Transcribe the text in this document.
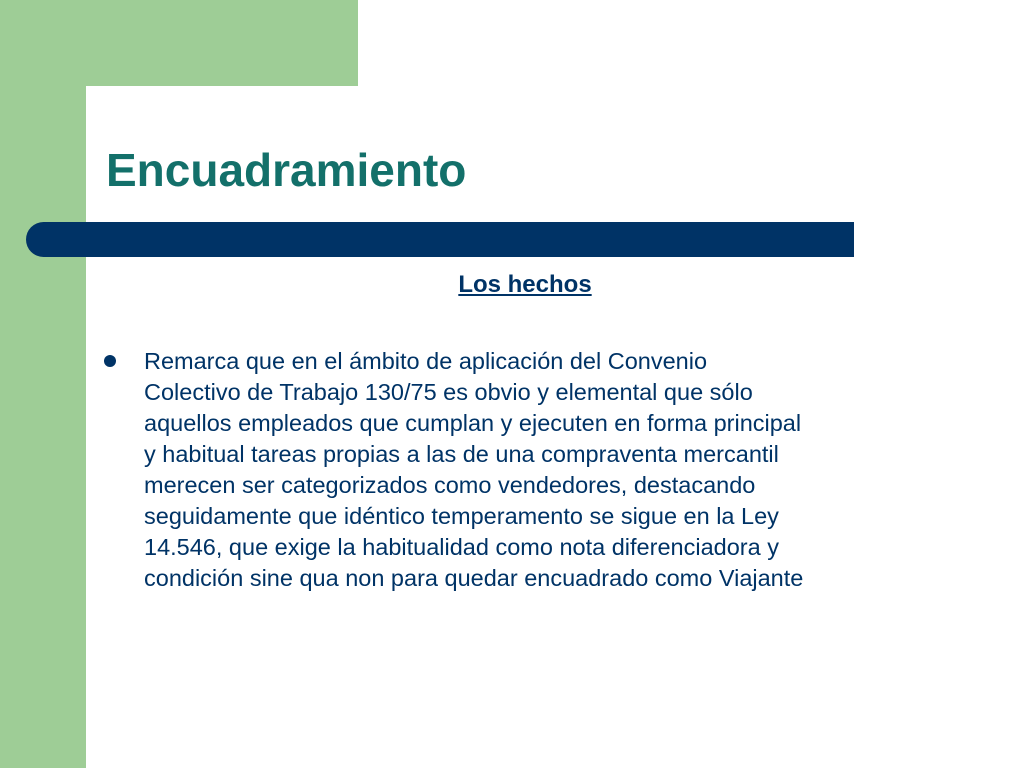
Encuadramiento
Los hechos
Remarca que en el ámbito de aplicación del Convenio
Colectivo de Trabajo 130/75 es obvio y elemental que sólo
aquellos empleados que cumplan y ejecuten en forma principal
y habitual tareas propias a las de una compraventa mercantil
merecen ser categorizados como vendedores, destacando
seguidamente que idéntico temperamento se sigue en la Ley
14.546, que exige la habitualidad como nota diferenciadora y
condición sine qua non para quedar encuadrado como Viajante
